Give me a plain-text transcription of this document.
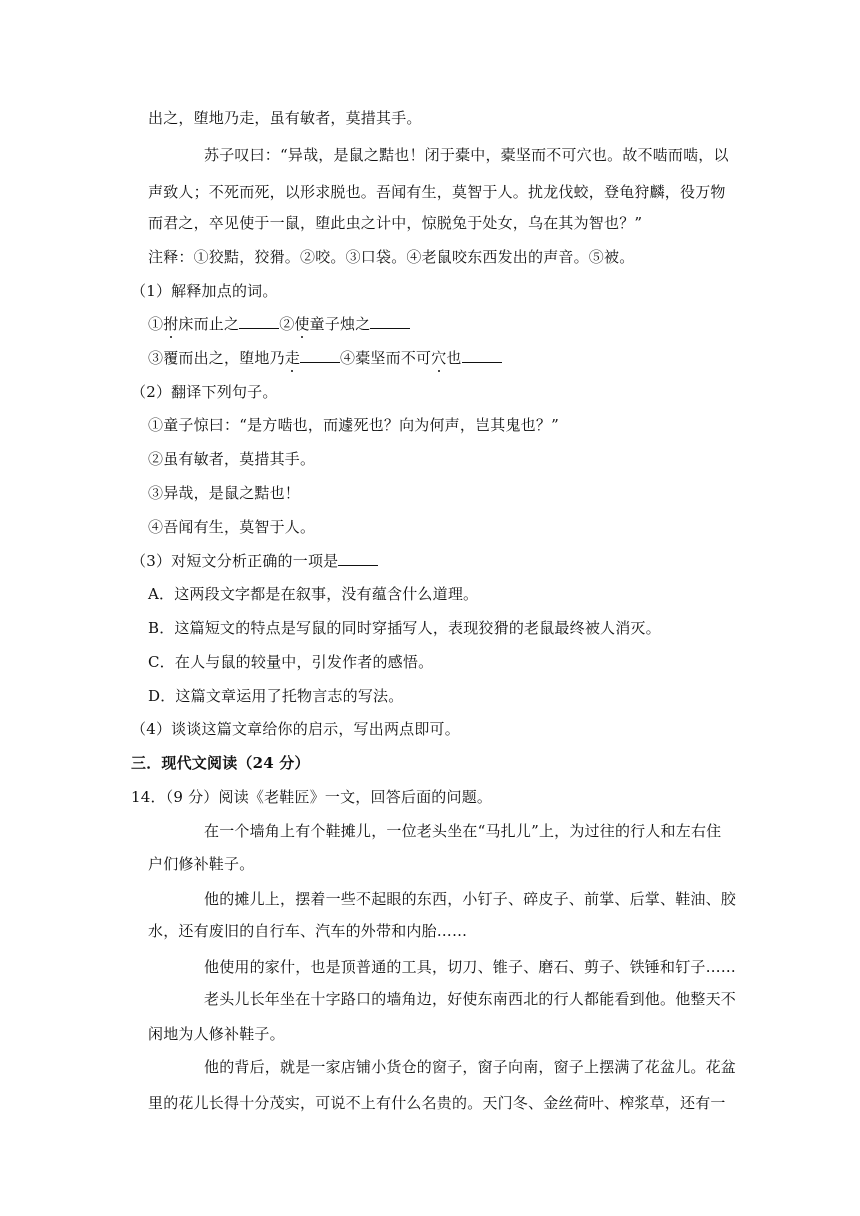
出之，堕地乃走，虽有敏者，莫措其手。
苏子叹曰：“异哉，是鼠之黠也！闭于橐中，橐坚而不可穴也。故不啮而啮，以
声致人；不死而死，以形求脱也。吾闻有生，莫智于人。扰龙伐蛟，登龟狩麟，役万物
而君之，卒见使于一鼠，堕此虫之计中，惊脱兔于处女，乌在其为智也？”
注释：①狡黠，狡猾。②咬。③口袋。④老鼠咬东西发出的声音。⑤被。
（1）解释加点的词。
①拊床而止之	②使童子烛之
③覆而出之，堕地乃走	④橐坚而不可穴也
（2）翻译下列句子。
①童子惊曰：“是方啮也，而遽死也？向为何声，岂其鬼也？”
②虽有敏者，莫措其手。
③异哉，是鼠之黠也！
④吾闻有生，莫智于人。
（3）对短文分析正确的一项是
A．这两段文字都是在叙事，没有蕴含什么道理。
B．这篇短文的特点是写鼠的同时穿插写人，表现狡猾的老鼠最终被人消灭。
C．在人与鼠的较量中，引发作者的感悟。
D．这篇文章运用了托物言志的写法。
（4）谈谈这篇文章给你的启示，写出两点即可。
三．现代文阅读（24 分）
14．（9 分）阅读《老鞋匠》一文，回答后面的问题。
在一个墙角上有个鞋摊儿，一位老头坐在“马扎儿”上，为过往的行人和左右住
户们修补鞋子。
他的摊儿上，摆着一些不起眼的东西，小钉子、碎皮子、前掌、后掌、鞋油、胶
水，还有废旧的自行车、汽车的外带和内胎……
他使用的家什，也是顶普通的工具，切刀、锥子、磨石、剪子、铁锤和钉子……
老头儿长年坐在十字路口的墙角边，好使东南西北的行人都能看到他。他整天不
闲地为人修补鞋子。
他的背后，就是一家店铺小货仓的窗子，窗子向南，窗子上摆满了花盆儿。花盆
里的花儿长得十分茂实，可说不上有什么名贵的。天门冬、金丝荷叶、榨浆草，还有一
